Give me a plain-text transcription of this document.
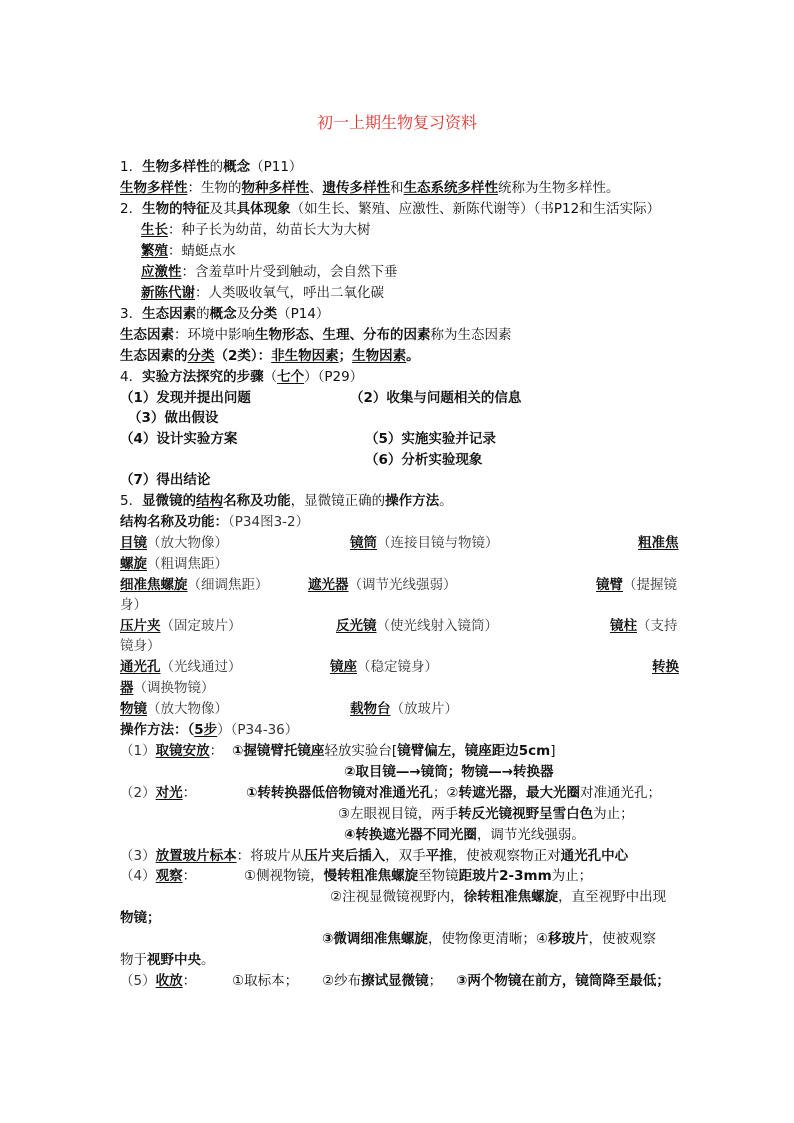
初一上期生物复习资料
1．生物多样性的概念（P11）
生物多样性：生物的物种多样性、遗传多样性和生态系统多样性统称为生物多样性。
2．生物的特征及其具体现象（如生长、繁殖、应激性、新陈代谢等）（书P12和生活实际）
生长：种子长为幼苗，幼苗长大为大树
繁殖：蜻蜓点水
应激性：含羞草叶片受到触动，会自然下垂
新陈代谢：人类吸收氧气，呼出二氧化碳
3．生态因素的概念及分类（P14）
生态因素：环境中影响生物形态、生理、分布的因素称为生态因素
生态因素的分类（2类）：非生物因素；生物因素。
4．实验方法探究的步骤（七个）（P29）
（1）发现并提出问题	（2）收集与问题相关的信息
（3）做出假设
（4）设计实验方案	（5）实施实验并记录
（6）分析实验现象
（7）得出结论
5．显微镜的结构名称及功能，显微镜正确的操作方法。
结构名称及功能：（P34图3-2）
目镜（放大物像）	镜筒（连接目镜与物镜）	粗准焦
螺旋（粗调焦距）
细准焦螺旋（细调焦距）	遮光器（调节光线强弱）	镜臂（提握镜
身）
压片夹（固定玻片）	反光镜（使光线射入镜筒）	镜柱（支持
镜身）
通光孔（光线通过）	镜座（稳定镜身）	转换
器（调换物镜）
物镜（放大物像）	载物台（放玻片）
操作方法：（5步）（P34-36）
（1）取镜安放： ①握镜臂托镜座轻放实验台[镜臂偏左，镜座距边5cm]
②取目镜—→镜筒；物镜—→转换器
（2）对光：	①转转换器低倍物镜对准通光孔；②转遮光器，最大光圈对准通光孔；
③左眼视目镜，两手转反光镜视野呈雪白色为止；
④转换遮光器不同光圈，调节光线强弱。
（3）放置玻片标本：将玻片从压片夹后插入，双手平推，使被观察物正对通光孔中心
（4）观察：	①侧视物镜，慢转粗准焦螺旋至物镜距玻片2-3mm为止；
②注视显微镜视野内，徐转粗准焦螺旋，直至视野中出现
物镜；
③微调细准焦螺旋，使物像更清晰；④移玻片，使被观察
物于视野中央。
（5）收放：	①取标本； ②纱布擦试显微镜； ③两个物镜在前方，镜筒降至最低；
